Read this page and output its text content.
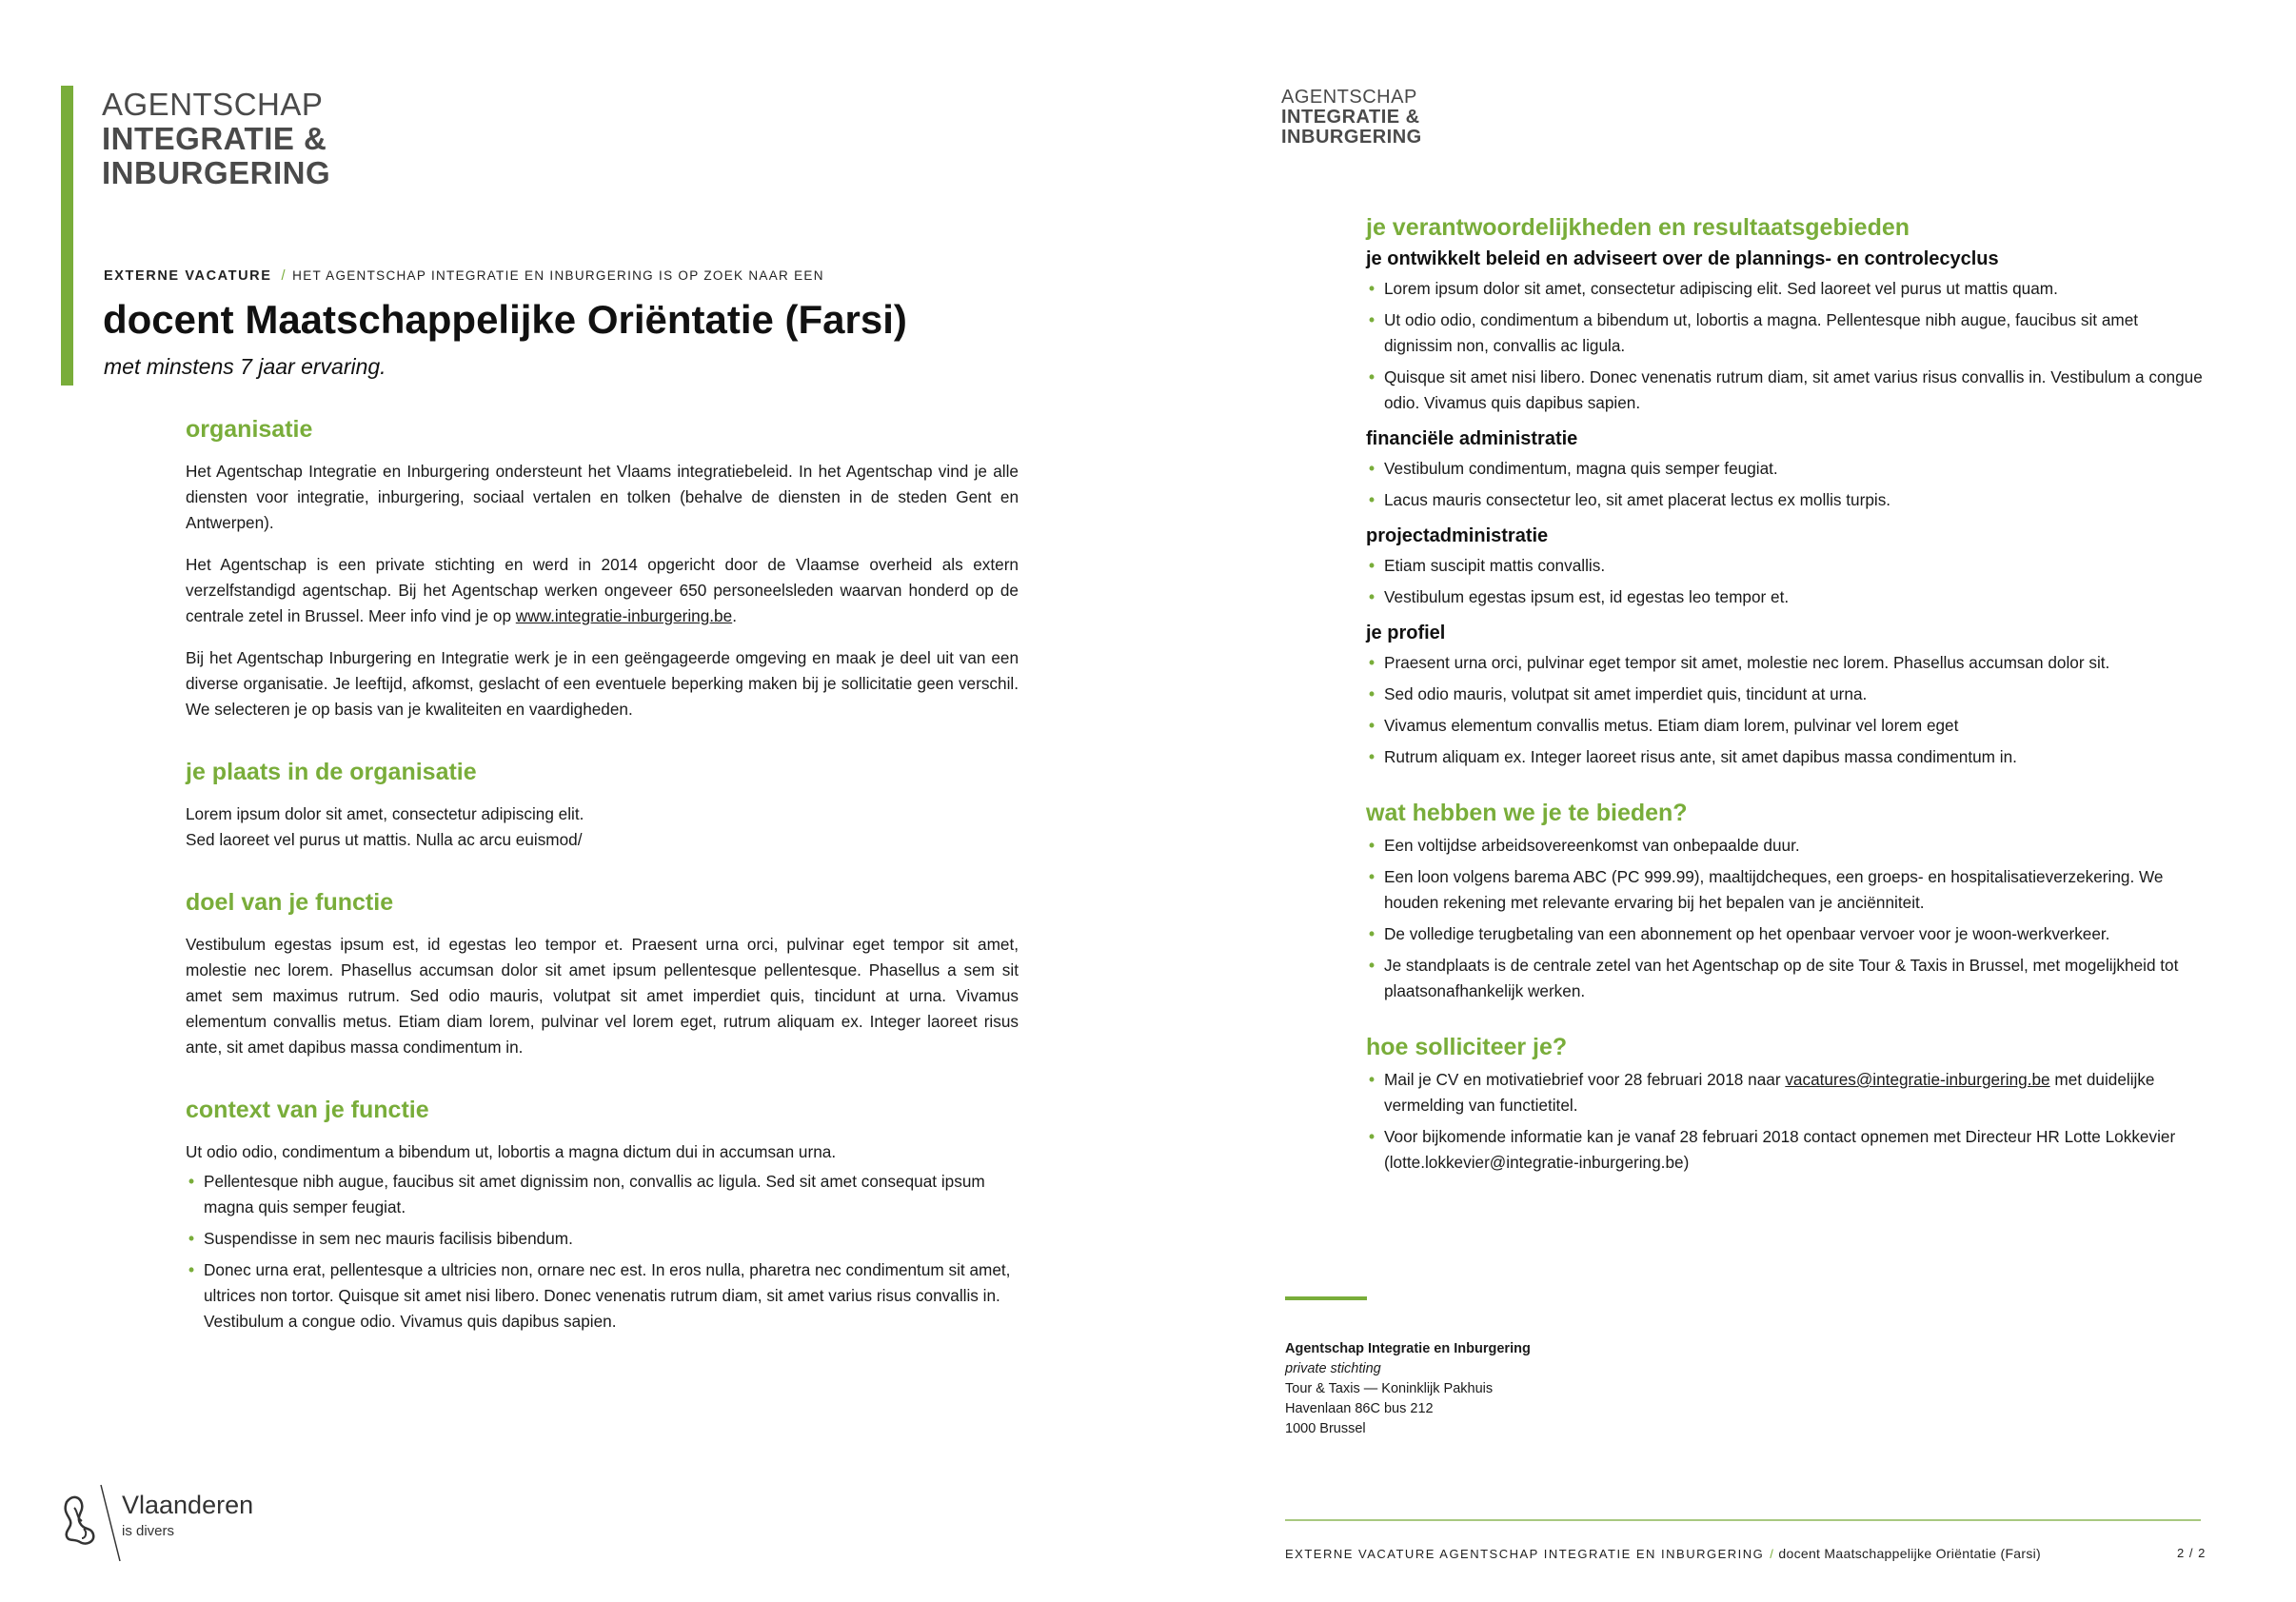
AGENTSCHAP
INTEGRATIE &
INBURGERING
EXTERNE VACATURE / HET AGENTSCHAP INTEGRATIE EN INBURGERING IS OP ZOEK NAAR EEN
docent Maatschappelijke Oriëntatie (Farsi)
met minstens 7 jaar ervaring.
organisatie

Het Agentschap Integratie en Inburgering ondersteunt het Vlaams integratiebeleid. In het Agentschap vind je alle diensten voor integratie, inburgering, sociaal vertalen en tolken (behalve de diensten in de steden Gent en Antwerpen).

Het Agentschap is een private stichting en werd in 2014 opgericht door de Vlaamse overheid als extern verzelfstandigd agentschap. Bij het Agentschap werken ongeveer 650 personeelsleden waarvan honderd op de centrale zetel in Brussel. Meer info vind je op www.integratie-inburgering.be.

Bij het Agentschap Inburgering en Integratie werk je in een geëngageerde omgeving en maak je deel uit van een diverse organisatie. Je leeftijd, afkomst, geslacht of een eventuele beperking maken bij je sollicitatie geen verschil. We selecteren je op basis van je kwaliteiten en vaardigheden.

je plaats in de organisatie

Lorem ipsum dolor sit amet, consectetur adipiscing elit.

Sed laoreet vel purus ut mattis. Nulla ac arcu euismod/

doel van je functie

Vestibulum egestas ipsum est, id egestas leo tempor et. Praesent urna orci, pulvinar eget tempor sit amet, molestie nec lorem. Phasellus accumsan dolor sit amet ipsum pellentesque pellentesque. Phasellus a sem sit amet sem maximus rutrum. Sed odio mauris, volutpat sit amet imperdiet quis, tincidunt at urna. Vivamus elementum convallis metus. Etiam diam lorem, pulvinar vel lorem eget, rutrum aliquam ex. Integer laoreet risus ante, sit amet dapibus massa condimentum in.

context van je functie

Ut odio odio, condimentum a bibendum ut, lobortis a magna dictum dui in accumsan urna.

• Pellentesque nibh augue, faucibus sit amet dignissim non, convallis ac ligula. Sed sit amet consequat ipsum magna quis semper feugiat.
• Suspendisse in sem nec mauris facilisis bibendum.
• Donec urna erat, pellentesque a ultricies non, ornare nec est. In eros nulla, pharetra nec condimentum sit amet, ultrices non tortor. Quisque sit amet nisi libero. Donec venenatis rutrum diam, sit amet varius risus convallis in. Vestibulum a congue odio. Vivamus quis dapibus sapien.
Vlaanderen
is divers
AGENTSCHAP
INTEGRATIE &
INBURGERING
je verantwoordelijkheden en resultaatsgebieden
je ontwikkelt beleid en adviseert over de plannings- en controlecyclus
• Lorem ipsum dolor sit amet, consectetur adipiscing elit. Sed laoreet vel purus ut mattis quam.
• Ut odio odio, condimentum a bibendum ut, lobortis a magna. Pellentesque nibh augue, faucibus sit amet dignissim non, convallis ac ligula.
• Quisque sit amet nisi libero. Donec venenatis rutrum diam, sit amet varius risus convallis in. Vestibulum a congue odio. Vivamus quis dapibus sapien.
financiële administratie
• Vestibulum condimentum, magna quis semper feugiat.
• Lacus mauris consectetur leo, sit amet placerat lectus ex mollis turpis.
projectadministratie
• Etiam suscipit mattis convallis.
• Vestibulum egestas ipsum est, id egestas leo tempor et.
je profiel
• Praesent urna orci, pulvinar eget tempor sit amet, molestie nec lorem. Phasellus accumsan dolor sit.
• Sed odio mauris, volutpat sit amet imperdiet quis, tincidunt at urna.
• Vivamus elementum convallis metus. Etiam diam lorem, pulvinar vel lorem eget
• Rutrum aliquam ex. Integer laoreet risus ante, sit amet dapibus massa condimentum in.
wat hebben we je te bieden?
• Een voltijdse arbeidsovereenkomst van onbepaalde duur.
• Een loon volgens barema ABC (PC 999.99), maaltijdcheques, een groeps- en hospitalisatieverzekering. We houden rekening met relevante ervaring bij het bepalen van je anciënniteit.
• De volledige terugbetaling van een abonnement op het openbaar vervoer voor je woon-werkverkeer.
• Je standplaats is de centrale zetel van het Agentschap op de site Tour & Taxis in Brussel, met mogelijkheid tot plaatsonafhankelijk werken.
hoe solliciteer je?
• Mail je CV en motivatiebrief voor 28 februari 2018 naar vacatures@integratie-inburgering.be met duidelijke vermelding van functietitel.
• Voor bijkomende informatie kan je vanaf 28 februari 2018 contact opnemen met Directeur HR Lotte Lokkevier (lotte.lokkevier@integratie-inburgering.be)
Agentschap Integratie en Inburgering
private stichting
Tour & Taxis — Koninklijk Pakhuis
Havenlaan 86C bus 212
1000 Brussel
EXTERNE VACATURE AGENTSCHAP INTEGRATIE EN INBURGERING / docent Maatschappelijke Oriëntatie (Farsi)	2 / 2
